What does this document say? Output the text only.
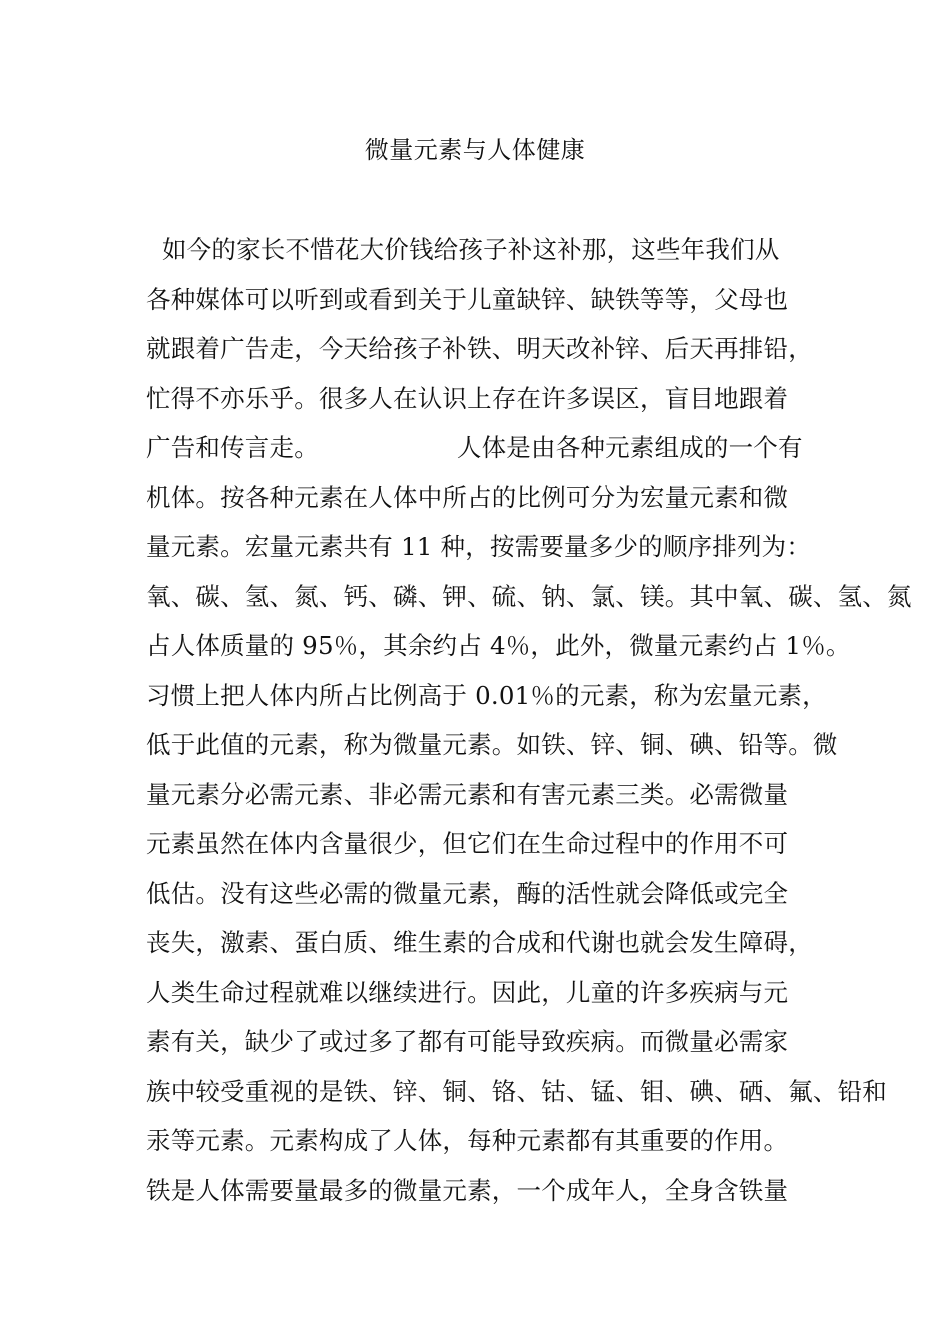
微量元素与人体健康
如今的家长不惜花大价钱给孩子补这补那，这些年我们从
各种媒体可以听到或看到关于儿童缺锌、缺铁等等，父母也
就跟着广告走，今天给孩子补铁、明天改补锌、后天再排铅，
忙得不亦乐乎。很多人在认识上存在许多误区，盲目地跟着
广告和传言走。	人体是由各种元素组成的一个有
机体。按各种元素在人体中所占的比例可分为宏量元素和微
量元素。宏量元素共有 11 种，按需要量多少的顺序排列为：
氧、碳、氢、氮、钙、磷、钾、硫、钠、氯、镁。其中氧、碳、氢、氮
占人体质量的 95％，其余约占 4％，此外，微量元素约占 1％。
习惯上把人体内所占比例高于 0.01％的元素，称为宏量元素，
低于此值的元素，称为微量元素。如铁、锌、铜、碘、铅等。微
量元素分必需元素、非必需元素和有害元素三类。必需微量
元素虽然在体内含量很少，但它们在生命过程中的作用不可
低估。没有这些必需的微量元素，酶的活性就会降低或完全
丧失，激素、蛋白质、维生素的合成和代谢也就会发生障碍，
人类生命过程就难以继续进行。因此，儿童的许多疾病与元
素有关，缺少了或过多了都有可能导致疾病。而微量必需家
族中较受重视的是铁、锌、铜、铬、钴、锰、钼、碘、硒、氟、铅和
汞等元素。元素构成了人体，每种元素都有其重要的作用。
铁是人体需要量最多的微量元素，一个成年人，全身含铁量
